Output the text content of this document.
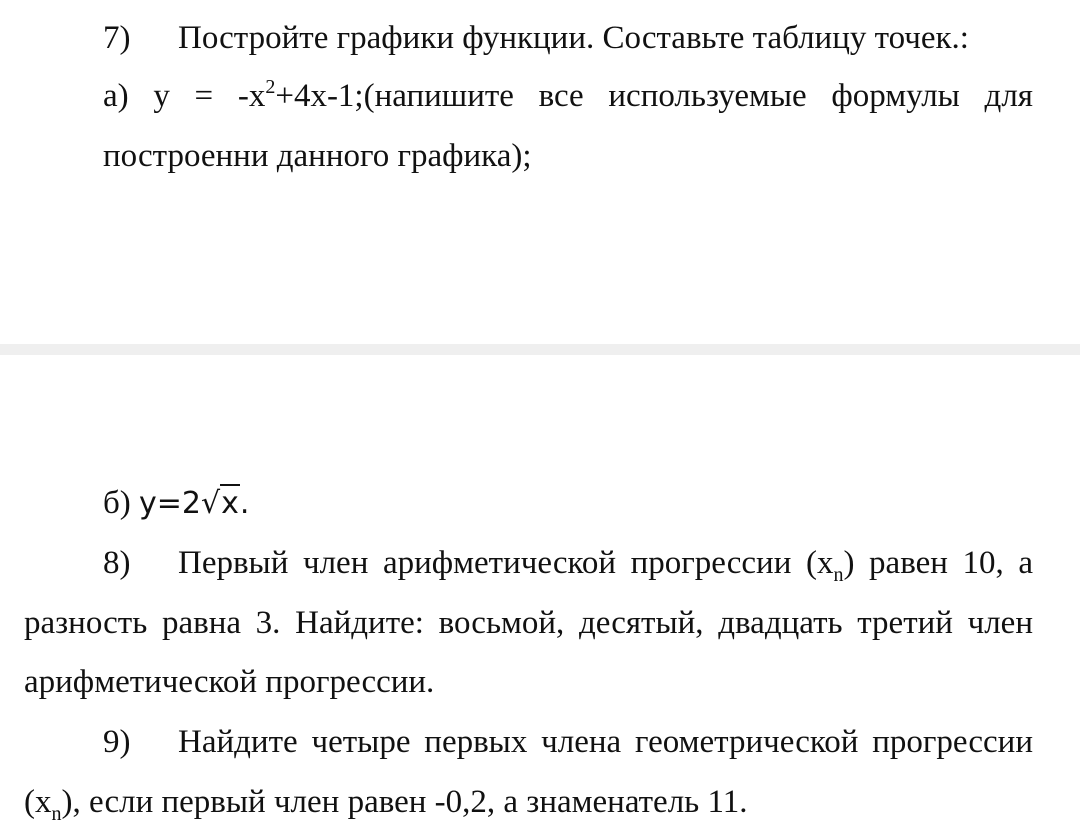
7) Постройте графики функции. Составьте таблицу точек.:
а) $y = -x^2+4x-1;(напишите$ все используемые формулы для
построенни данного графика);
б) y=2√x.
8)	Первый член арифметической прогрессии $(x_n)$ равен 10, а
разность равна 3. Найдите: восьмой, десятый, двадцать третий член
арифметической прогрессии.
9)	Найдите четыре первых члена геометрической прогрессии
$(x_n)$, если первый член равен -0,2, а знаменатель 11.
